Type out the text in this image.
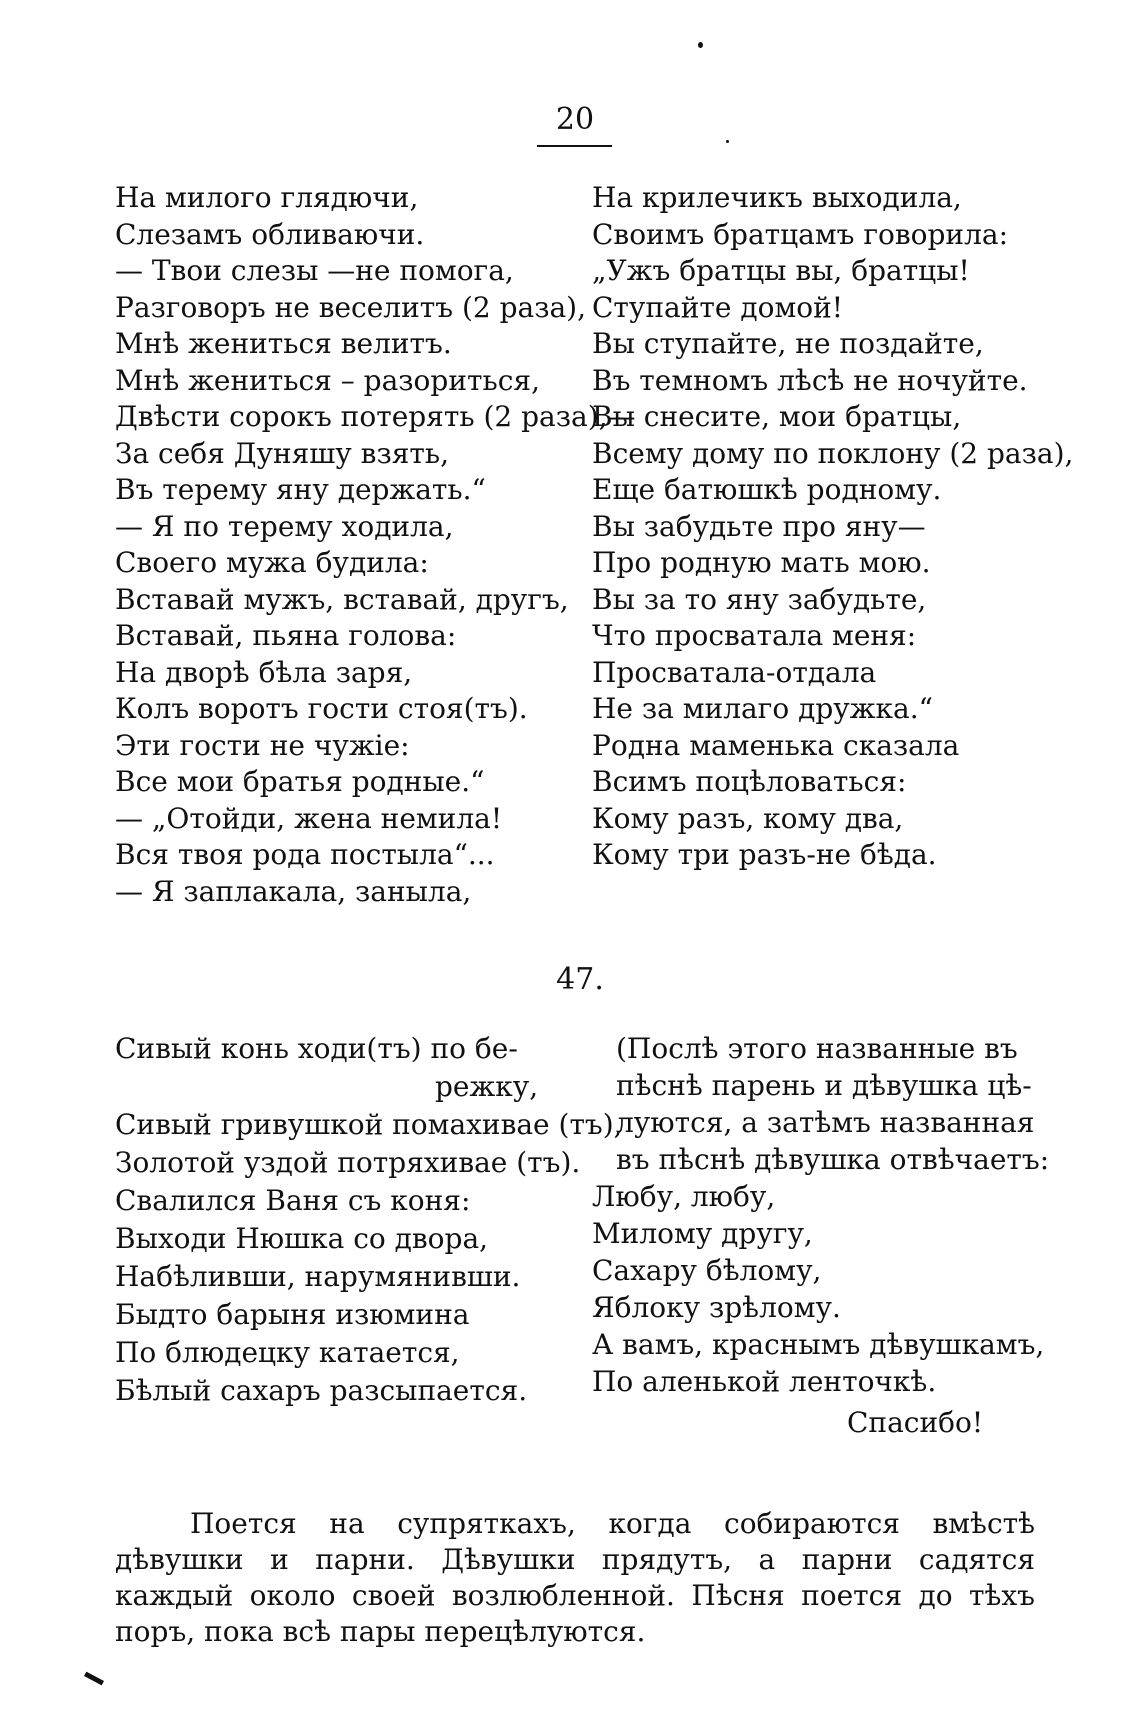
20
На милого глядючи,
Слезамъ обливаючи.
— Твои слезы —не помога,
Разговоръ не веселитъ (2 раза),
Мнѣ жениться велитъ.
Мнѣ жениться – разориться,
Двѣсти сорокъ потерять (2 раза),—
За себя Дуняшу взять,
Въ терему яну держать.“
— Я по терему ходила,
Своего мужа будила:
Вставай мужъ, вставай, другъ,
Вставай, пьяна голова:
На дворѣ бѣла заря,
Колъ воротъ гости стоя(тъ).
Эти гости не чужіе:
Все мои братья родные.“
— „Отойди, жена немила!
Вся твоя рода постыла“...
— Я заплакала, заныла,
На крилечикъ выходила,
Своимъ братцамъ говорила:
„Ужъ братцы вы, братцы!
Ступайте домой!
Вы ступайте, не поздайте,
Въ темномъ лѣсѣ не ночуйте.
Вы снесите, мои братцы,
Всему дому по поклону (2 раза),
Еще батюшкѣ родному.
Вы забудьте про яну—
Про родную мать мою.
Вы за то яну забудьте,
Что просватала меня:
Просватала-отдала
Не за милаго дружка.“
Родна маменька сказала
Всимъ поцѣловаться:
Кому разъ, кому два,
Кому три разъ-не бѣда.
47.
Сивый конь ходи(тъ) по бе-
режку,
Сивый гривушкой помахивае (тъ),
Золотой уздой потряхивае (тъ).
Свалился Ваня съ коня:
Выходи Нюшка со двора,
Набѣливши, нарумянивши.
Быдто барыня изюмина
По блюдецку катается,
Бѣлый сахаръ разсыпается.
(Послѣ этого названные въ
пѣснѣ парень и дѣвушка цѣ-
луются, а затѣмъ названная
въ пѣснѣ дѣвушка отвѣчаетъ:
Любу, любу,
Милому другу,
Сахару бѣлому,
Яблоку зрѣлому.
А вамъ, краснымъ дѣвушкамъ,
По аленькой ленточкѣ.
Спасибо!

Поется на супряткахъ, когда собираются вмѣстѣ дѣвушки и парни. Дѣвушки прядутъ, а парни садятся каждый около своей возлюбленной. Пѣсня поется до тѣхъ поръ, пока всѣ пары перецѣлуются.
